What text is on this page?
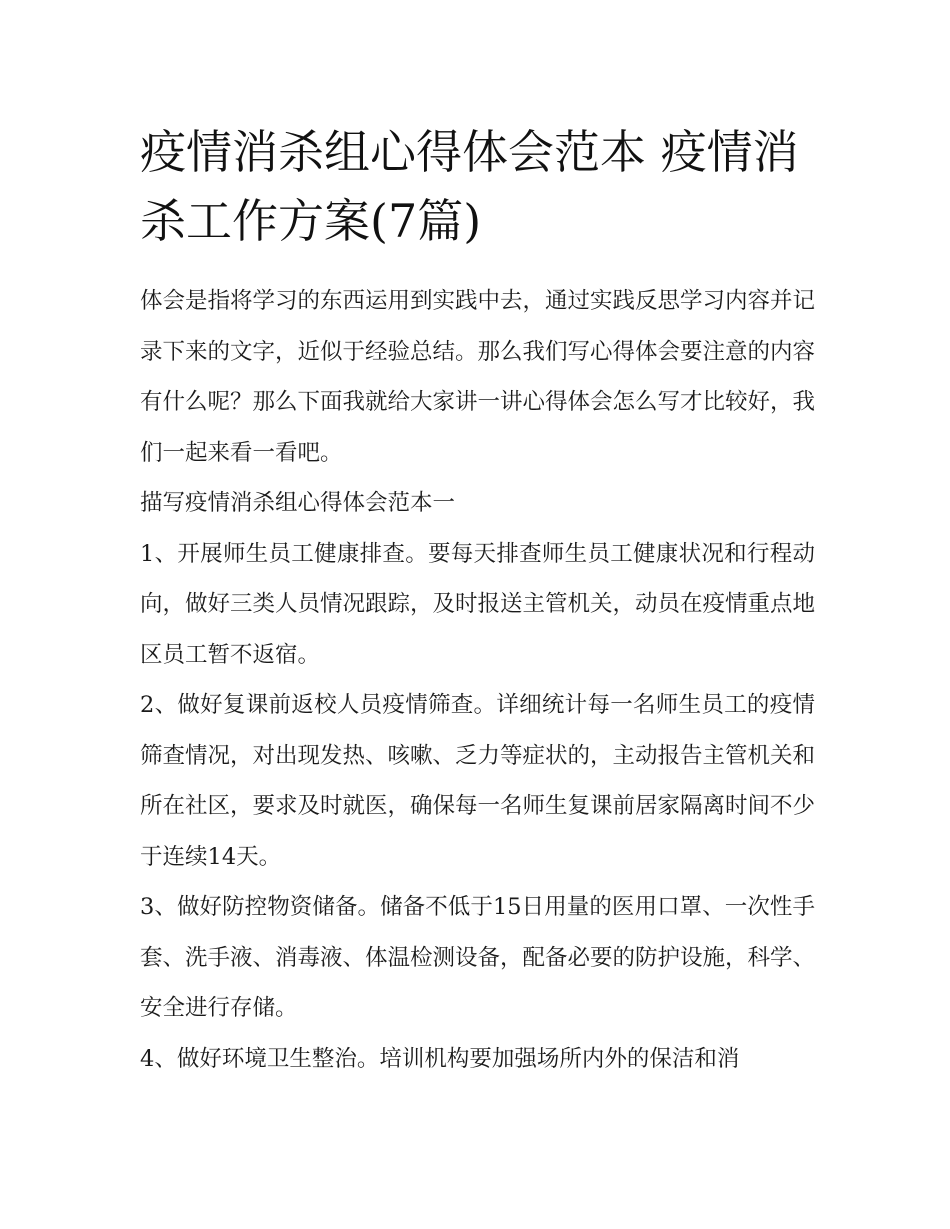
疫情消杀组心得体会范本 疫情消杀工作方案(7篇)

体会是指将学习的东西运用到实践中去，通过实践反思学习内容并记录下来的文字，近似于经验总结。那么我们写心得体会要注意的内容有什么呢？那么下面我就给大家讲一讲心得体会怎么写才比较好，我们一起来看一看吧。

描写疫情消杀组心得体会范本一

1、开展师生员工健康排查。要每天排查师生员工健康状况和行程动向，做好三类人员情况跟踪，及时报送主管机关，动员在疫情重点地区员工暂不返宿。

2、做好复课前返校人员疫情筛查。详细统计每一名师生员工的疫情筛查情况，对出现发热、咳嗽、乏力等症状的，主动报告主管机关和所在社区，要求及时就医，确保每一名师生复课前居家隔离时间不少于连续14天。

3、做好防控物资储备。储备不低于15日用量的医用口罩、一次性手套、洗手液、消毒液、体温检测设备，配备必要的防护设施，科学、安全进行存储。

4、做好环境卫生整治。培训机构要加强场所内外的保洁和消
